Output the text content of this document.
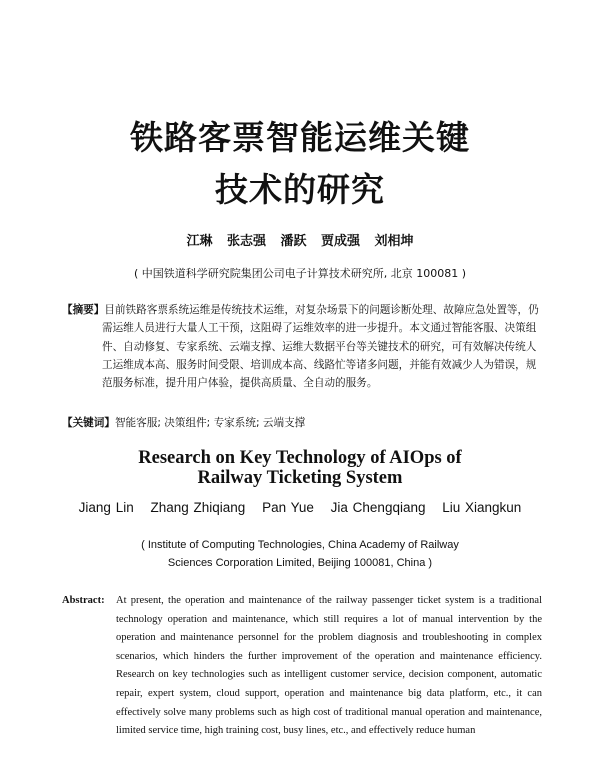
铁路客票智能运维关键
技术的研究
江琳 张志强 潘跃 贾成强 刘相坤
( 中国铁道科学研究院集团公司电子计算技术研究所, 北京 100081 )
【摘要】目前铁路客票系统运维是传统技术运维，对复杂场景下的问题诊断处理、故障应急处置等，仍需运维人员进行大量人工干预，这阻碍了运维效率的进一步提升。本文通过智能客服、决策组件、自动修复、专家系统、云端支撑、运维大数据平台等关键技术的研究，可有效解决传统人工运维成本高、服务时间受限、培训成本高、线路忙等诸多问题，并能有效减少人为错误，规范服务标准，提升用户体验，提供高质量、全自动的服务。
【关键词】智能客服; 决策组件; 专家系统; 云端支撑
Research on Key Technology of AIOps of
Railway Ticketing System
Jiang Lin Zhang Zhiqiang Pan Yue Jia Chengqiang Liu Xiangkun
( Institute of Computing Technologies, China Academy of Railway
Sciences Corporation Limited, Beijing 100081, China )
Abstract: At present, the operation and maintenance of the railway passenger ticket system is a traditional technology operation and maintenance, which still requires a lot of manual intervention by the operation and maintenance personnel for the problem diagnosis and troubleshooting in complex scenarios, which hinders the further improvement of the operation and maintenance efficiency. Research on key technologies such as intelligent customer service, decision component, automatic repair, expert system, cloud support, operation and maintenance big data platform, etc., it can effectively solve many problems such as high cost of traditional manual operation and maintenance, limited service time, high training cost, busy lines, etc., and effectively reduce human
